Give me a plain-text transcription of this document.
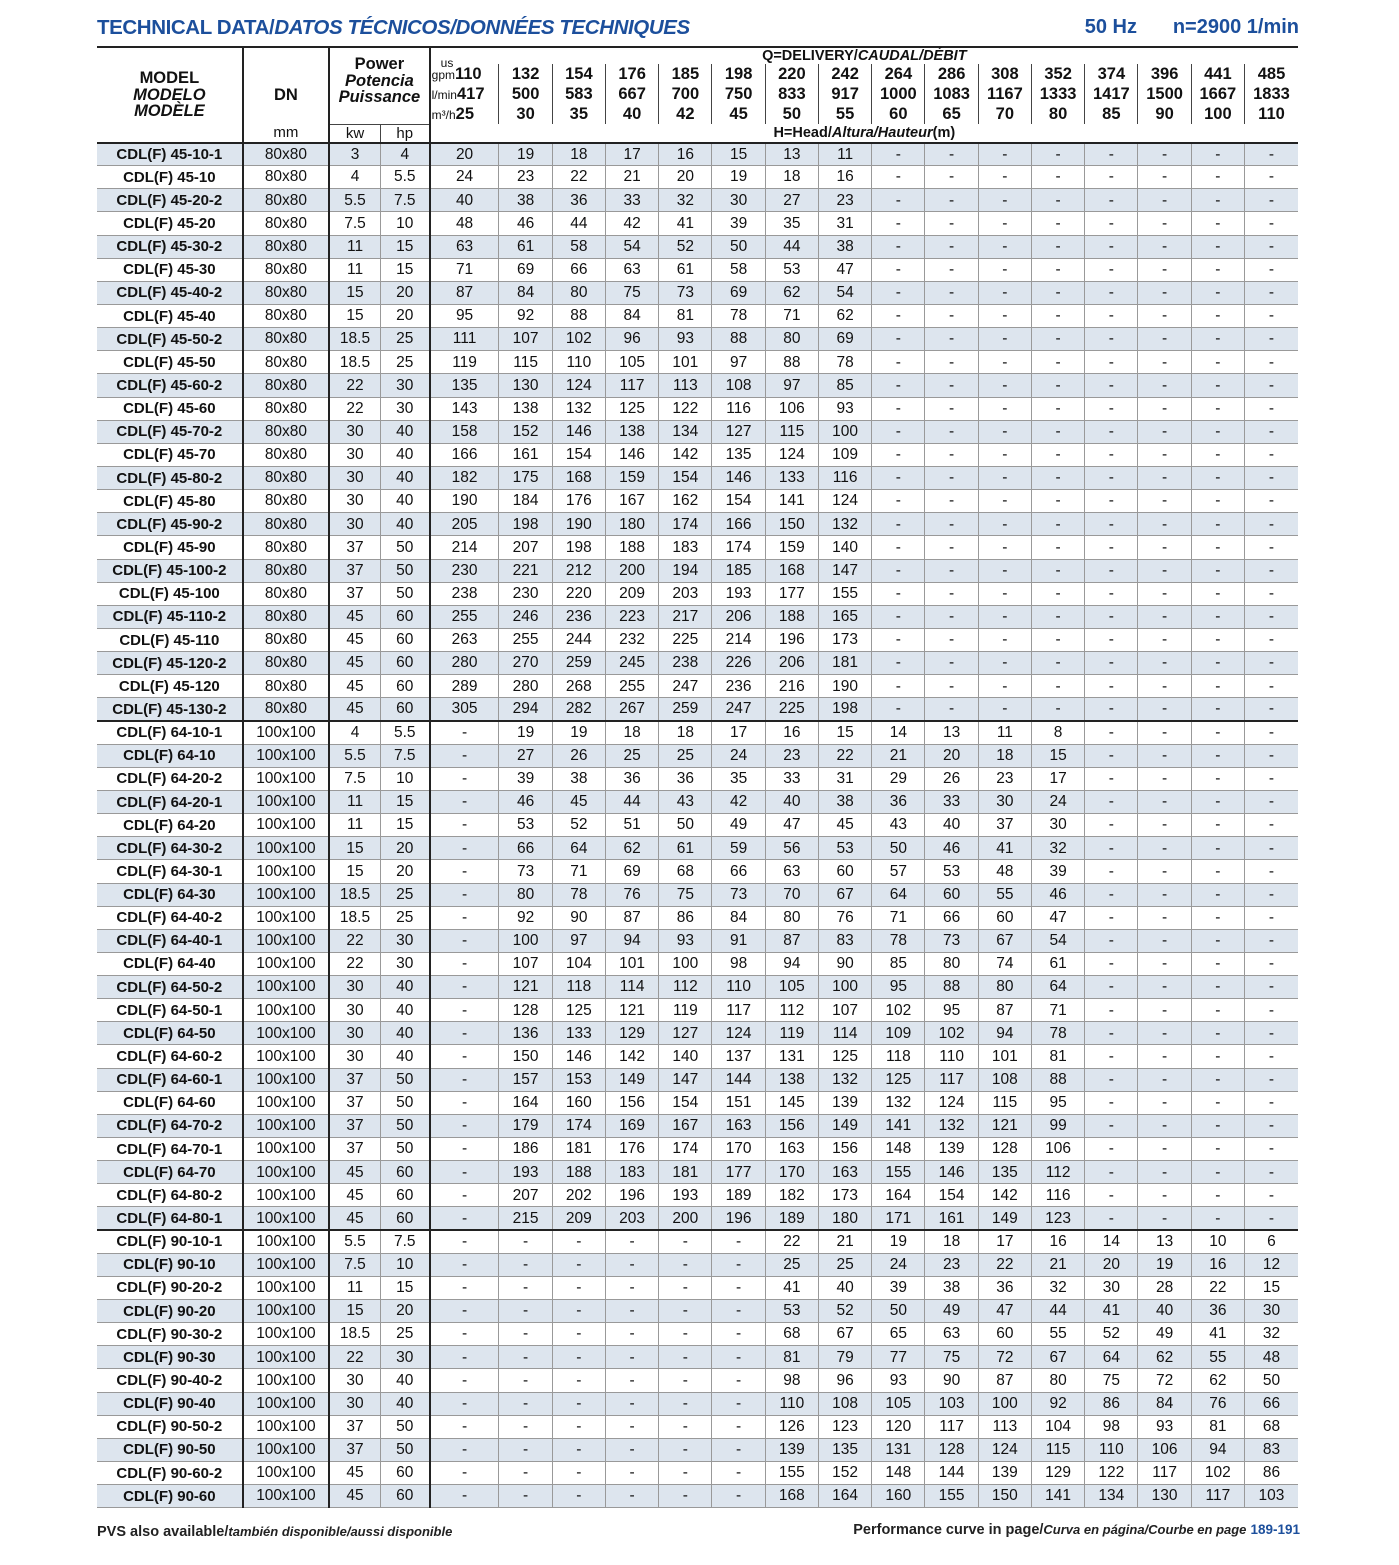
TECHNICAL DATA/DATOS TÉCNICOS/DONNÉES TECHNIQUES	50 Hz n=2900 1/min
MODEL
MODELO
MODÈLE	DN
mm	Power
Potencia
Puissance		Q=DELIVERY/CAUDAL/DÉBIT															

				us
gpm110	132	154	176	185	198	220	242	264	286	308	352	374	396	441	485
				l/min417	500	583	667	700	750	833	917	1000	1083	1167	1333	1417	1500	1667	1833
				m³/h25	30	35	40	42	45	50	55	60	65	70	80	85	90	100	110
		kw	hp	H=Head/Altura/Hauteur(m)															
CDL(F) 45-10-1	80x80	3	4	20	19	18	17	16	15	13	11	-	-	-	-	-	-	-	-
CDL(F) 45-10	80x80	4	5.5	24	23	22	21	20	19	18	16	-	-	-	-	-	-	-	-
CDL(F) 45-20-2	80x80	5.5	7.5	40	38	36	33	32	30	27	23	-	-	-	-	-	-	-	-
CDL(F) 45-20	80x80	7.5	10	48	46	44	42	41	39	35	31	-	-	-	-	-	-	-	-
CDL(F) 45-30-2	80x80	11	15	63	61	58	54	52	50	44	38	-	-	-	-	-	-	-	-
CDL(F) 45-30	80x80	11	15	71	69	66	63	61	58	53	47	-	-	-	-	-	-	-	-
CDL(F) 45-40-2	80x80	15	20	87	84	80	75	73	69	62	54	-	-	-	-	-	-	-	-
CDL(F) 45-40	80x80	15	20	95	92	88	84	81	78	71	62	-	-	-	-	-	-	-	-
CDL(F) 45-50-2	80x80	18.5	25	111	107	102	96	93	88	80	69	-	-	-	-	-	-	-	-
CDL(F) 45-50	80x80	18.5	25	119	115	110	105	101	97	88	78	-	-	-	-	-	-	-	-
CDL(F) 45-60-2	80x80	22	30	135	130	124	117	113	108	97	85	-	-	-	-	-	-	-	-
CDL(F) 45-60	80x80	22	30	143	138	132	125	122	116	106	93	-	-	-	-	-	-	-	-
CDL(F) 45-70-2	80x80	30	40	158	152	146	138	134	127	115	100	-	-	-	-	-	-	-	-
CDL(F) 45-70	80x80	30	40	166	161	154	146	142	135	124	109	-	-	-	-	-	-	-	-
CDL(F) 45-80-2	80x80	30	40	182	175	168	159	154	146	133	116	-	-	-	-	-	-	-	-
CDL(F) 45-80	80x80	30	40	190	184	176	167	162	154	141	124	-	-	-	-	-	-	-	-
CDL(F) 45-90-2	80x80	30	40	205	198	190	180	174	166	150	132	-	-	-	-	-	-	-	-
CDL(F) 45-90	80x80	37	50	214	207	198	188	183	174	159	140	-	-	-	-	-	-	-	-
CDL(F) 45-100-2	80x80	37	50	230	221	212	200	194	185	168	147	-	-	-	-	-	-	-	-
CDL(F) 45-100	80x80	37	50	238	230	220	209	203	193	177	155	-	-	-	-	-	-	-	-
CDL(F) 45-110-2	80x80	45	60	255	246	236	223	217	206	188	165	-	-	-	-	-	-	-	-
CDL(F) 45-110	80x80	45	60	263	255	244	232	225	214	196	173	-	-	-	-	-	-	-	-
CDL(F) 45-120-2	80x80	45	60	280	270	259	245	238	226	206	181	-	-	-	-	-	-	-	-
CDL(F) 45-120	80x80	45	60	289	280	268	255	247	236	216	190	-	-	-	-	-	-	-	-
CDL(F) 45-130-2	80x80	45	60	305	294	282	267	259	247	225	198	-	-	-	-	-	-	-	-
CDL(F) 64-10-1	100x100	4	5.5	-	19	19	18	18	17	16	15	14	13	11	8	-	-	-	-
CDL(F) 64-10	100x100	5.5	7.5	-	27	26	25	25	24	23	22	21	20	18	15	-	-	-	-
CDL(F) 64-20-2	100x100	7.5	10	-	39	38	36	36	35	33	31	29	26	23	17	-	-	-	-
CDL(F) 64-20-1	100x100	11	15	-	46	45	44	43	42	40	38	36	33	30	24	-	-	-	-
CDL(F) 64-20	100x100	11	15	-	53	52	51	50	49	47	45	43	40	37	30	-	-	-	-
CDL(F) 64-30-2	100x100	15	20	-	66	64	62	61	59	56	53	50	46	41	32	-	-	-	-
CDL(F) 64-30-1	100x100	15	20	-	73	71	69	68	66	63	60	57	53	48	39	-	-	-	-
CDL(F) 64-30	100x100	18.5	25	-	80	78	76	75	73	70	67	64	60	55	46	-	-	-	-
CDL(F) 64-40-2	100x100	18.5	25	-	92	90	87	86	84	80	76	71	66	60	47	-	-	-	-
CDL(F) 64-40-1	100x100	22	30	-	100	97	94	93	91	87	83	78	73	67	54	-	-	-	-
CDL(F) 64-40	100x100	22	30	-	107	104	101	100	98	94	90	85	80	74	61	-	-	-	-
CDL(F) 64-50-2	100x100	30	40	-	121	118	114	112	110	105	100	95	88	80	64	-	-	-	-
CDL(F) 64-50-1	100x100	30	40	-	128	125	121	119	117	112	107	102	95	87	71	-	-	-	-
CDL(F) 64-50	100x100	30	40	-	136	133	129	127	124	119	114	109	102	94	78	-	-	-	-
CDL(F) 64-60-2	100x100	30	40	-	150	146	142	140	137	131	125	118	110	101	81	-	-	-	-
CDL(F) 64-60-1	100x100	37	50	-	157	153	149	147	144	138	132	125	117	108	88	-	-	-	-
CDL(F) 64-60	100x100	37	50	-	164	160	156	154	151	145	139	132	124	115	95	-	-	-	-
CDL(F) 64-70-2	100x100	37	50	-	179	174	169	167	163	156	149	141	132	121	99	-	-	-	-
CDL(F) 64-70-1	100x100	37	50	-	186	181	176	174	170	163	156	148	139	128	106	-	-	-	-
CDL(F) 64-70	100x100	45	60	-	193	188	183	181	177	170	163	155	146	135	112	-	-	-	-
CDL(F) 64-80-2	100x100	45	60	-	207	202	196	193	189	182	173	164	154	142	116	-	-	-	-
CDL(F) 64-80-1	100x100	45	60	-	215	209	203	200	196	189	180	171	161	149	123	-	-	-	-
CDL(F) 90-10-1	100x100	5.5	7.5	-	-	-	-	-	-	22	21	19	18	17	16	14	13	10	6
CDL(F) 90-10	100x100	7.5	10	-	-	-	-	-	-	25	25	24	23	22	21	20	19	16	12
CDL(F) 90-20-2	100x100	11	15	-	-	-	-	-	-	41	40	39	38	36	32	30	28	22	15
CDL(F) 90-20	100x100	15	20	-	-	-	-	-	-	53	52	50	49	47	44	41	40	36	30
CDL(F) 90-30-2	100x100	18.5	25	-	-	-	-	-	-	68	67	65	63	60	55	52	49	41	32
CDL(F) 90-30	100x100	22	30	-	-	-	-	-	-	81	79	77	75	72	67	64	62	55	48
CDL(F) 90-40-2	100x100	30	40	-	-	-	-	-	-	98	96	93	90	87	80	75	72	62	50
CDL(F) 90-40	100x100	30	40	-	-	-	-	-	-	110	108	105	103	100	92	86	84	76	66
CDL(F) 90-50-2	100x100	37	50	-	-	-	-	-	-	126	123	120	117	113	104	98	93	81	68
CDL(F) 90-50	100x100	37	50	-	-	-	-	-	-	139	135	131	128	124	115	110	106	94	83
CDL(F) 90-60-2	100x100	45	60	-	-	-	-	-	-	155	152	148	144	139	129	122	117	102	86
CDL(F) 90-60	100x100	45	60	-	-	-	-	-	-	168	164	160	155	150	141	134	130	117	103
PVS also available/también disponible/aussi disponible	Performance curve in page/Curva en página/Courbe en page 189-191
